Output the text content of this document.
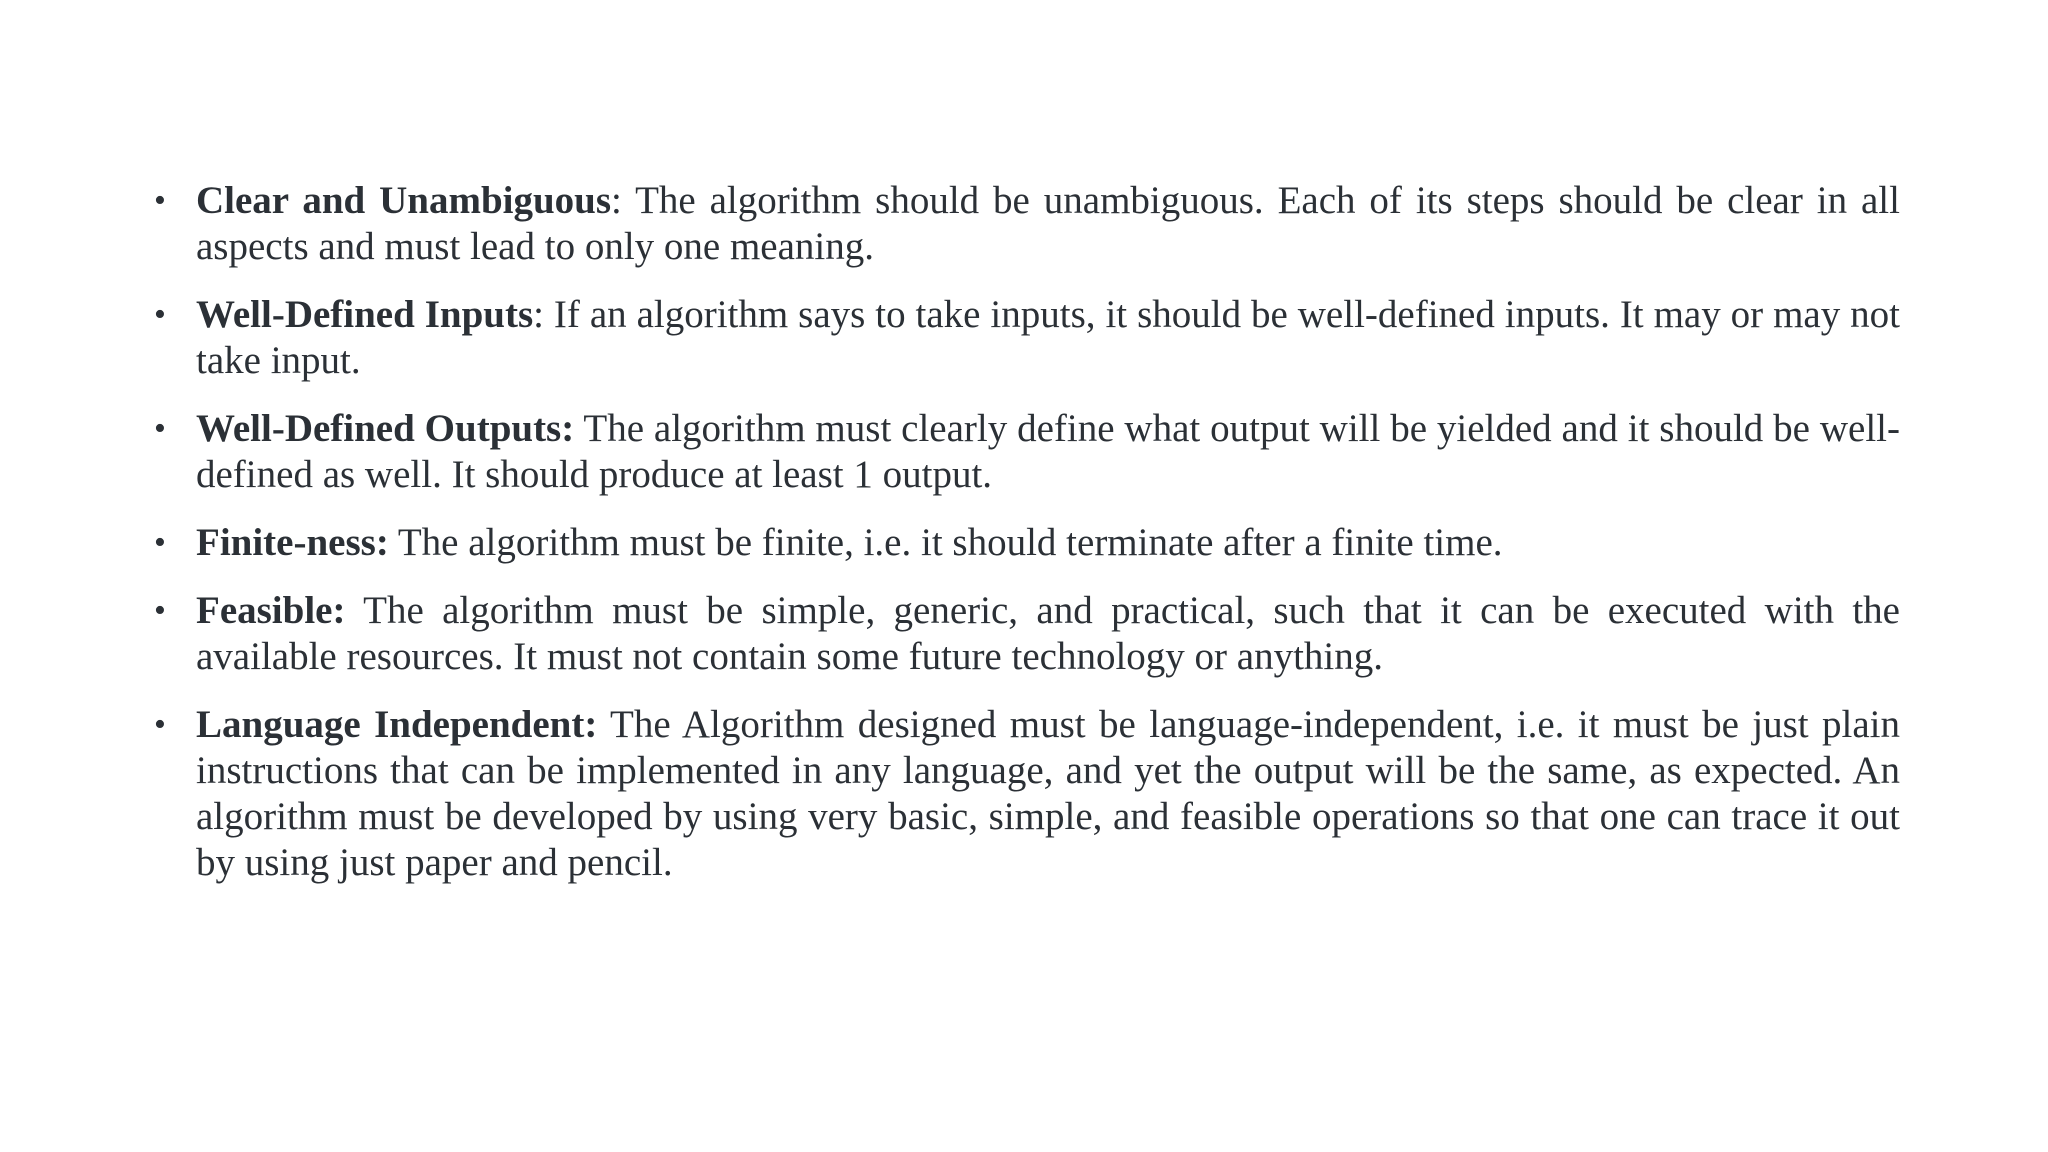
• Clear and Unambiguous: The algorithm should be unambiguous. Each of its steps should be clear in all aspects and must lead to only one meaning.
• Well-Defined Inputs: If an algorithm says to take inputs, it should be well-defined inputs. It may or may not take input.
• Well-Defined Outputs: The algorithm must clearly define what output will be yielded and it should be well-defined as well. It should produce at least 1 output.
• Finite-ness: The algorithm must be finite, i.e. it should terminate after a finite time.
• Feasible: The algorithm must be simple, generic, and practical, such that it can be executed with the available resources. It must not contain some future technology or anything.
• Language Independent: The Algorithm designed must be language-independent, i.e. it must be just plain instructions that can be implemented in any language, and yet the output will be the same, as expected. An algorithm must be developed by using very basic, simple, and feasible operations so that one can trace it out by using just paper and pencil.
